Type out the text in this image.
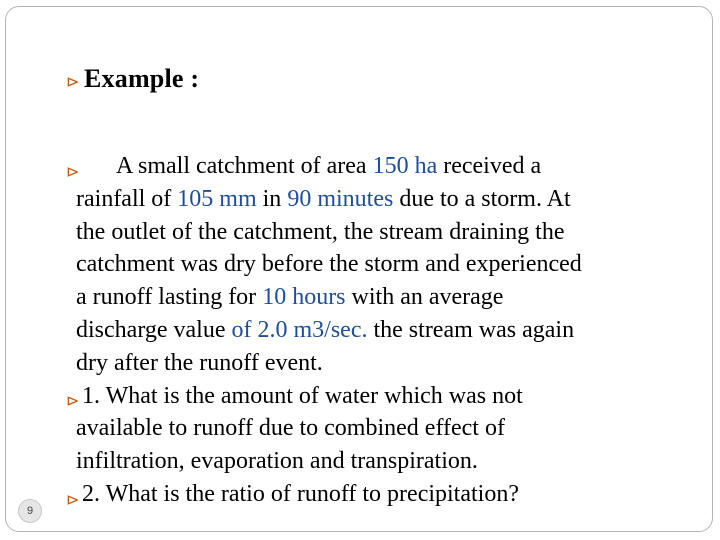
⊳ Example :
⊳	A small catchment of area 150 ha received a
rainfall of 105 mm in 90 minutes due to a storm. At
the outlet of the catchment, the stream draining the
catchment was dry before the storm and experienced
a runoff lasting for 10 hours with an average
discharge value of 2.0 m3/sec. the stream was again
dry after the runoff event.
⊳ 1. What is the amount of water which was not
available to runoff due to combined effect of
infiltration, evaporation and transpiration.
⊳ 2. What is the ratio of runoff to precipitation?
9
